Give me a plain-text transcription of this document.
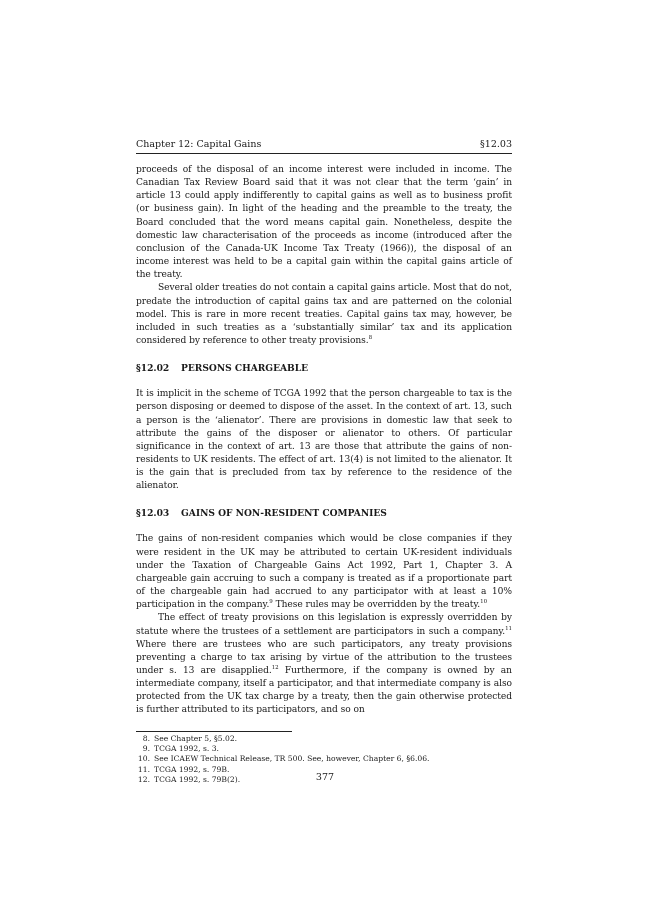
Chapter 12: Capital Gains	§12.03

proceeds of the disposal of an income interest were included in income. The Canadian Tax Review Board said that it was not clear that the term ‘gain’ in article 13 could apply indifferently to capital gains as well as to business profit (or business gain). In light of the heading and the preamble to the treaty, the Board concluded that the word means capital gain. Nonetheless, despite the domestic law characterisation of the proceeds as income (introduced after the conclusion of the Canada-UK Income Tax Treaty (1966)), the disposal of an income interest was held to be a capital gain within the capital gains article of the treaty.

Several older treaties do not contain a capital gains article. Most that do not, predate the introduction of capital gains tax and are patterned on the colonial model. This is rare in more recent treaties. Capital gains tax may, however, be included in such treaties as a ‘substantially similar’ tax and its application considered by reference to other treaty provisions.$^8$

§12.02 PERSONS CHARGEABLE

It is implicit in the scheme of TCGA 1992 that the person chargeable to tax is the person disposing or deemed to dispose of the asset. In the context of art. 13, such a person is the ‘alienator’. There are provisions in domestic law that seek to attribute the gains of the disposer or alienator to others. Of particular significance in the context of art. 13 are those that attribute the gains of non-residents to UK residents. The effect of art. 13(4) is not limited to the alienator. It is the gain that is precluded from tax by reference to the residence of the alienator.

§12.03 GAINS OF NON-RESIDENT COMPANIES

The gains of non-resident companies which would be close companies if they were resident in the UK may be attributed to certain UK-resident individuals under the Taxation of Chargeable Gains Act 1992, Part 1, Chapter 3. A chargeable gain accruing to such a company is treated as if a proportionate part of the chargeable gain had accrued to any participator with at least a 10% participation in the company.$^9$ These rules may be overridden by the treaty.$^{10}$

The effect of treaty provisions on this legislation is expressly overridden by statute where the trustees of a settlement are participators in such a company.$^{11}$ Where there are trustees who are such participators, any treaty provisions preventing a charge to tax arising by virtue of the attribution to the trustees under s. 13 are disapplied.$^{12}$ Furthermore, if the company is owned by an intermediate company, itself a participator, and that intermediate company is also protected from the UK tax charge by a treaty, then the gain otherwise protected is further attributed to its participators, and so on

8. See Chapter 5, §5.02.
9. TCGA 1992, s. 3.
10. See ICAEW Technical Release, TR 500. See, however, Chapter 6, §6.06.
11. TCGA 1992, s. 79B.
12. TCGA 1992, s. 79B(2).	377
